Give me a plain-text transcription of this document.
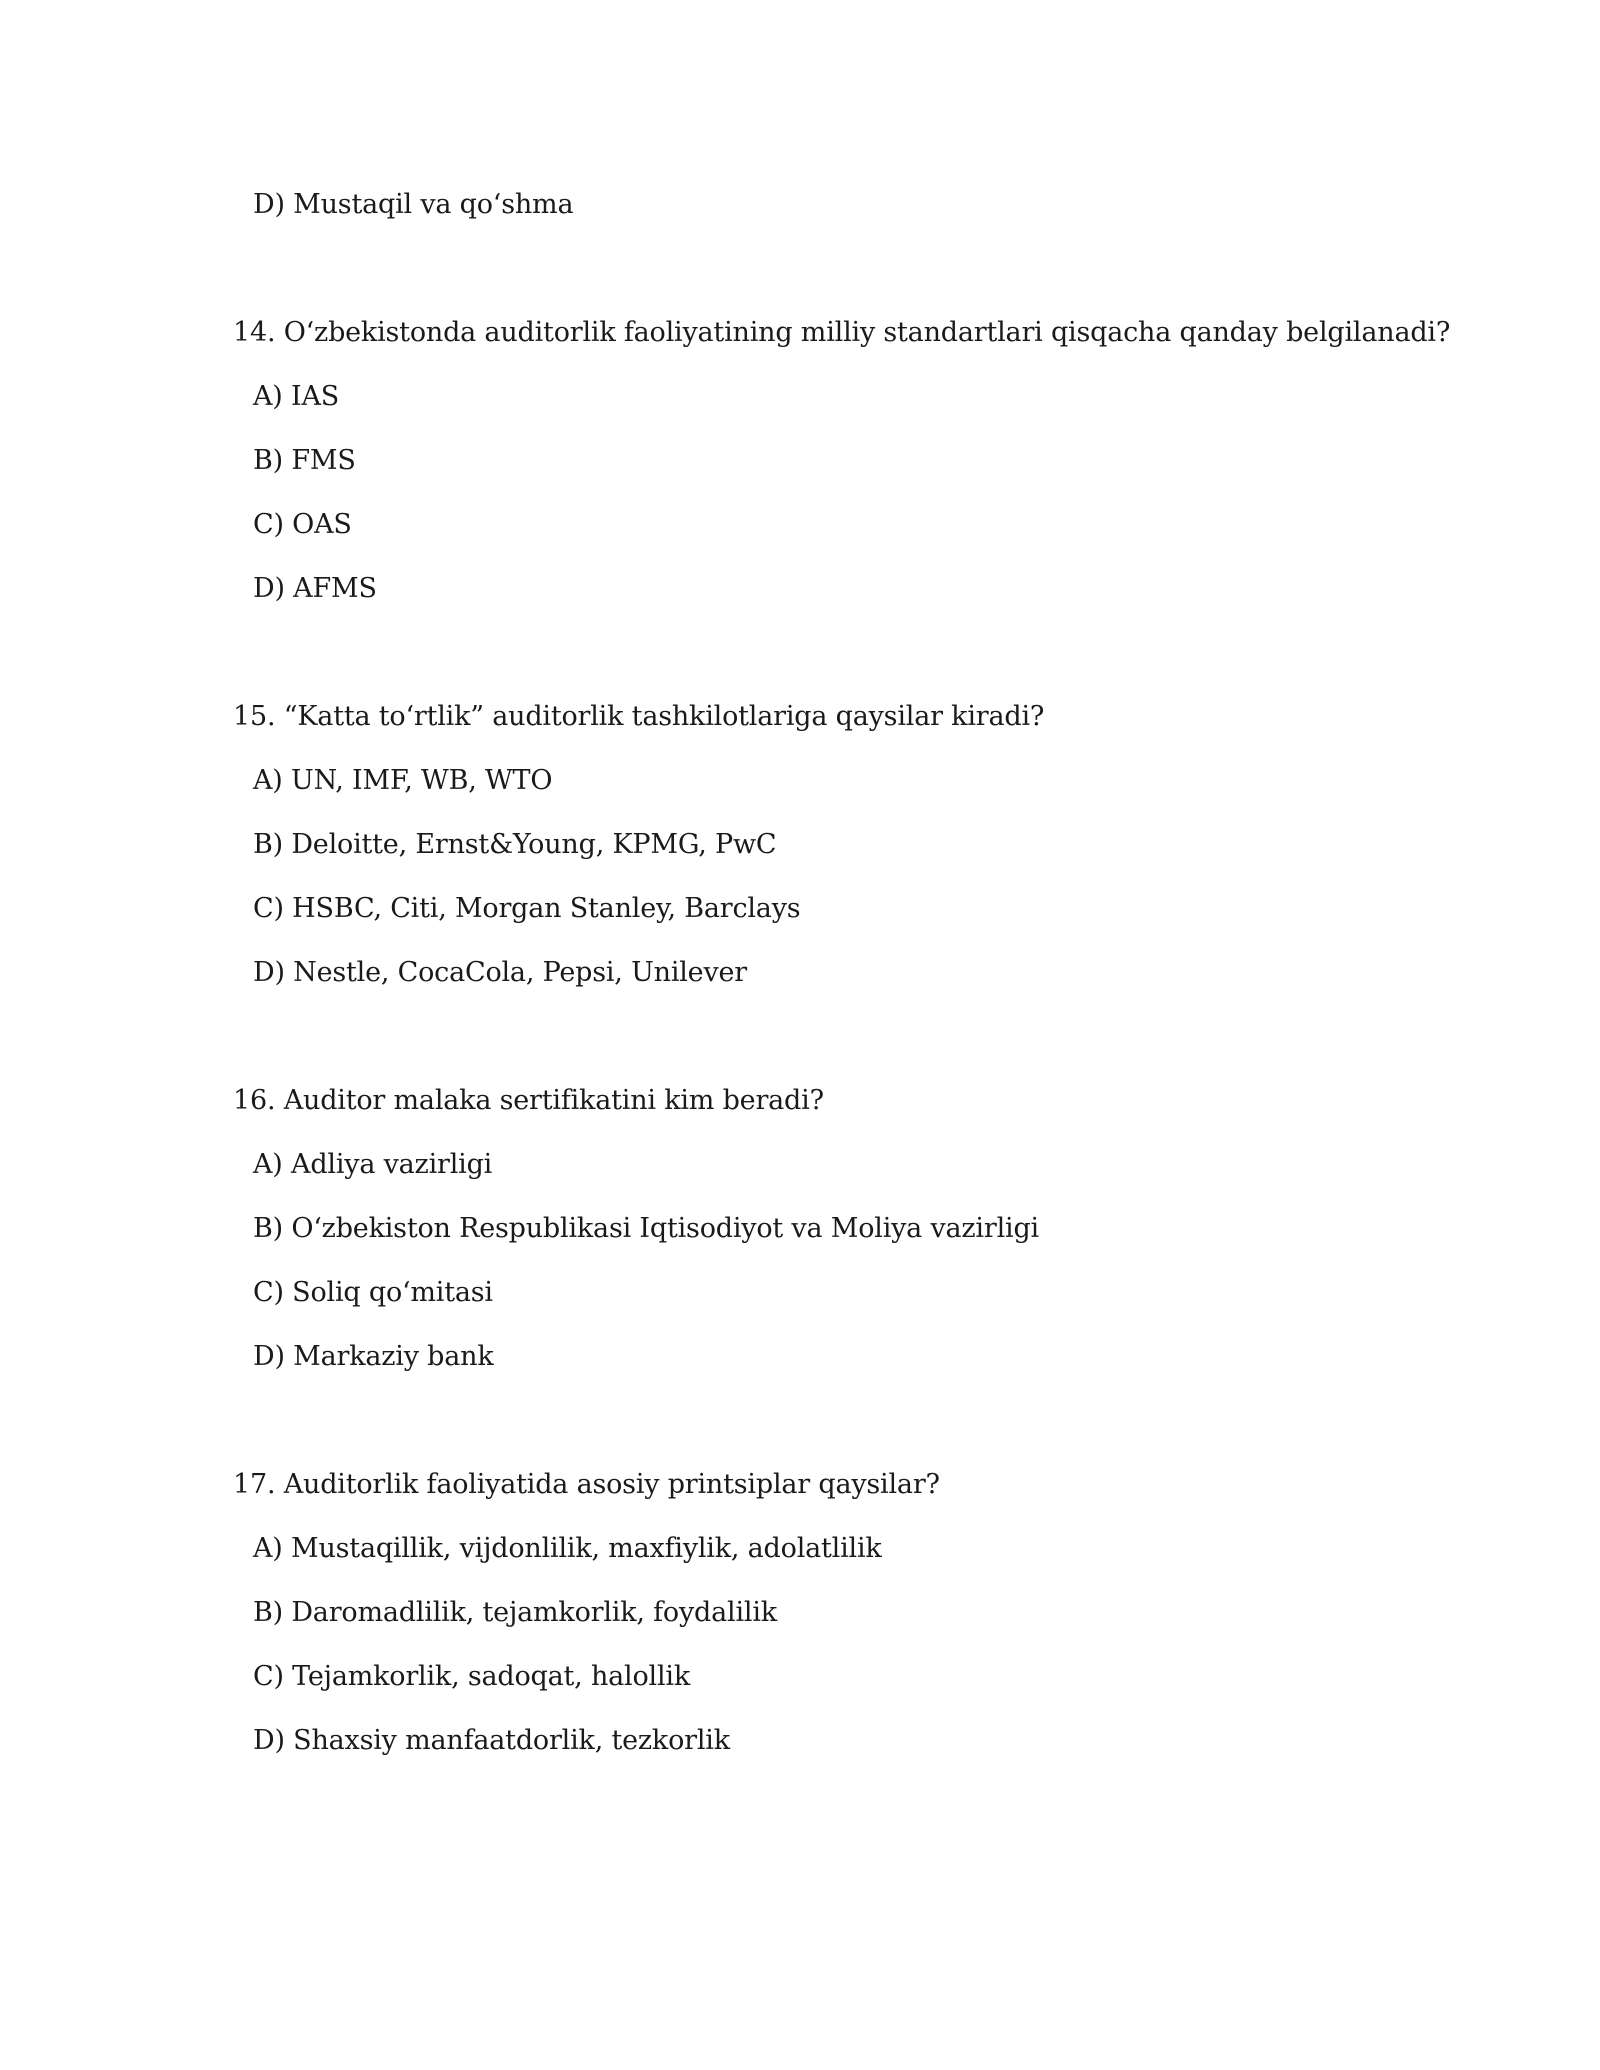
D) Mustaqil va qo‘shma
14. O‘zbekistonda auditorlik faoliyatining milliy standartlari qisqacha qanday belgilanadi?
A) IAS
B) FMS
C) OAS
D) AFMS
15. “Katta to‘rtlik” auditorlik tashkilotlariga qaysilar kiradi?
A) UN, IMF, WB, WTO
B) Deloitte, Ernst&Young, KPMG, PwC
C) HSBC, Citi, Morgan Stanley, Barclays
D) Nestle, CocaCola, Pepsi, Unilever
16. Auditor malaka sertifikatini kim beradi?
A) Adliya vazirligi
B) O‘zbekiston Respublikasi Iqtisodiyot va Moliya vazirligi
C) Soliq qo‘mitasi
D) Markaziy bank
17. Auditorlik faoliyatida asosiy printsiplar qaysilar?
A) Mustaqillik, vijdonlilik, maxfiylik, adolatlilik
B) Daromadlilik, tejamkorlik, foydalilik
C) Tejamkorlik, sadoqat, halollik
D) Shaxsiy manfaatdorlik, tezkorlik
